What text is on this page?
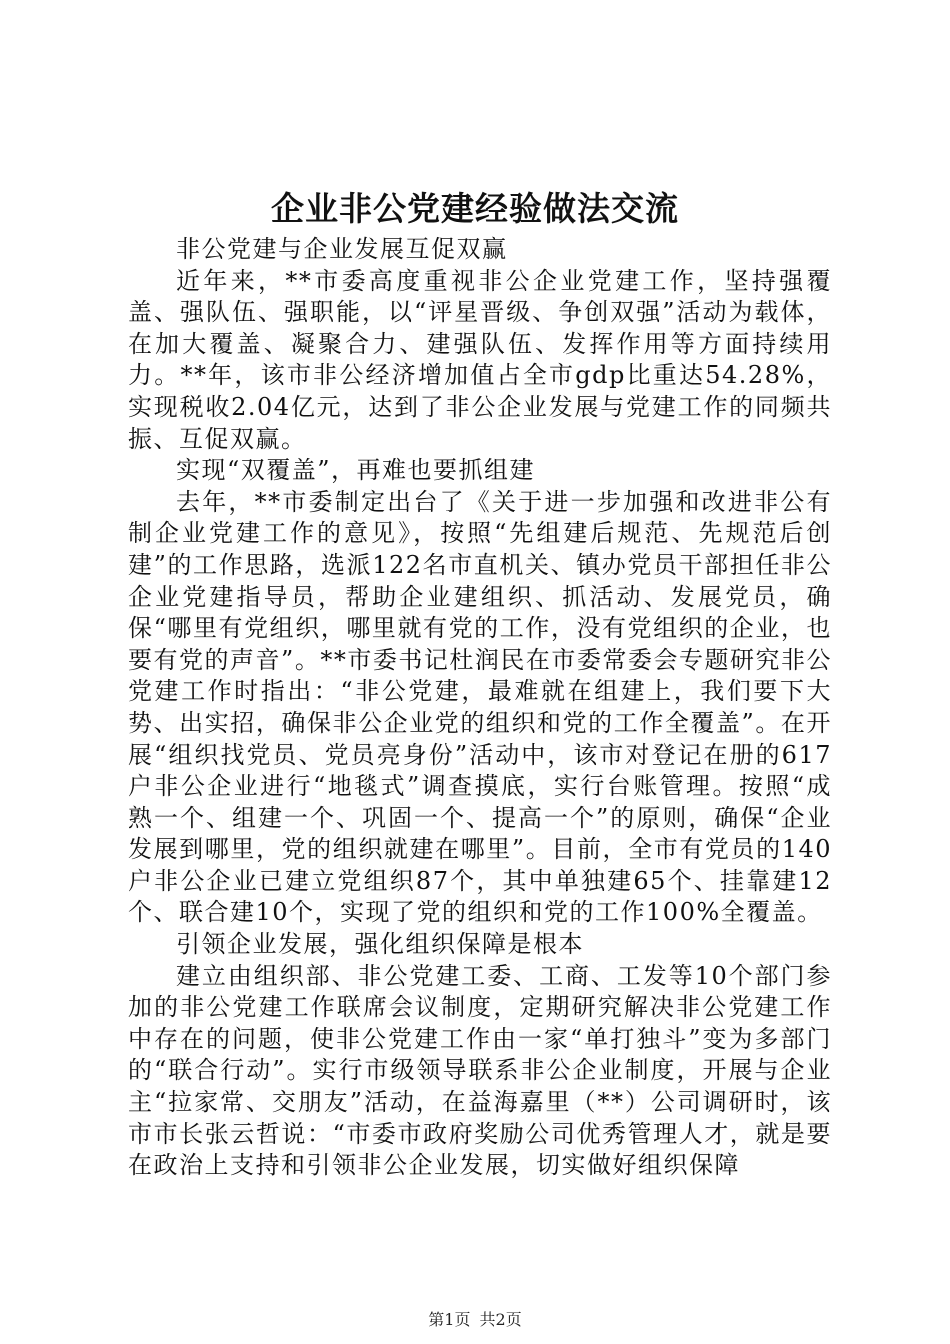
企业非公党建经验做法交流

非公党建与企业发展互促双赢

近年来，**市委高度重视非公企业党建工作，坚持强覆盖、强队伍、强职能，以“评星晋级、争创双强”活动为载体，在加大覆盖、凝聚合力、建强队伍、发挥作用等方面持续用力。**年，该市非公经济增加值占全市gdp比重达54.28%，实现税收2.04亿元，达到了非公企业发展与党建工作的同频共振、互促双赢。

实现“双覆盖”，再难也要抓组建

去年，**市委制定出台了《关于进一步加强和改进非公有制企业党建工作的意见》，按照“先组建后规范、先规范后创建”的工作思路，选派122名市直机关、镇办党员干部担任非公企业党建指导员，帮助企业建组织、抓活动、发展党员，确保“哪里有党组织，哪里就有党的工作，没有党组织的企业，也要有党的声音”。**市委书记杜润民在市委常委会专题研究非公党建工作时指出：“非公党建，最难就在组建上，我们要下大势、出实招，确保非公企业党的组织和党的工作全覆盖”。在开展“组织找党员、党员亮身份”活动中，该市对登记在册的617户非公企业进行“地毯式”调查摸底，实行台账管理。按照“成熟一个、组建一个、巩固一个、提高一个”的原则，确保“企业发展到哪里，党的组织就建在哪里”。目前，全市有党员的140户非公企业已建立党组织87个，其中单独建65个、挂靠建12个、联合建10个，实现了党的组织和党的工作100%全覆盖。

引领企业发展，强化组织保障是根本

建立由组织部、非公党建工委、工商、工发等10个部门参加的非公党建工作联席会议制度，定期研究解决非公党建工作中存在的问题，使非公党建工作由一家“单打独斗”变为多部门的“联合行动”。实行市级领导联系非公企业制度，开展与企业主“拉家常、交朋友”活动，在益海嘉里（**）公司调研时，该市市长张云哲说：“市委市政府奖励公司优秀管理人才，就是要在政治上支持和引领非公企业发展，切实做好组织保障

第1页 共2页
